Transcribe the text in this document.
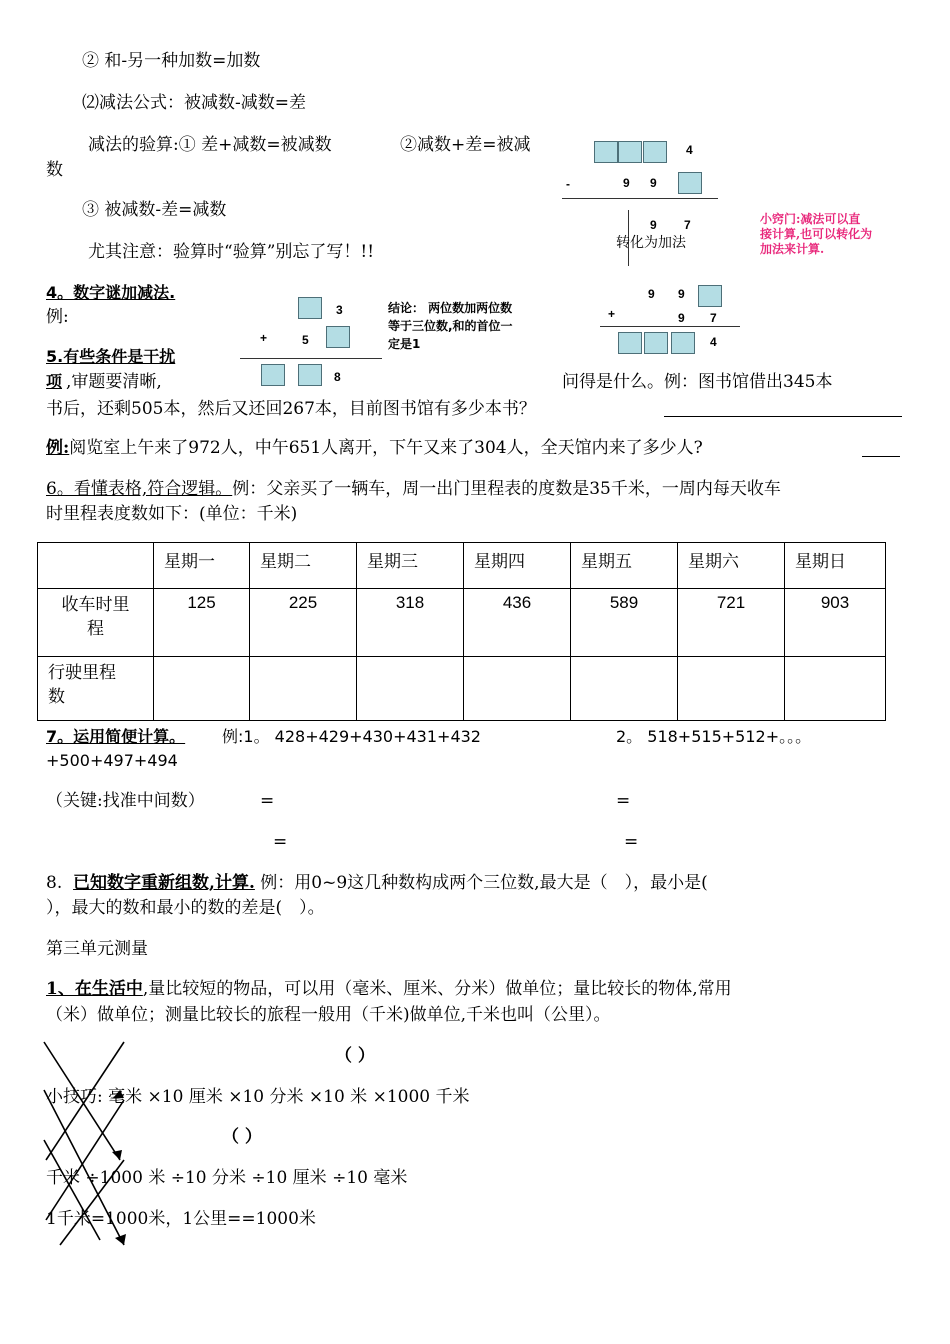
② 和-另一种加数=加数
⑵减法公式：被减数-减数=差
减法的验算:① 差+减数=被减数	②减数+差=被减
数
③ 被减数-差=减数
尤其注意：验算时“验算”别忘了写！!!
4。数字谜加减法.
例:	3
+	5
8
结论： 两位数加两位数
等于三位数,和的首位一
定是1
4
-	9 9
9 7
转化为加法
小窍门:减法可以直
接计算,也可以转化为
加法来计算.
9 9
+	9 7
4
5.有些条件是干扰
项 ,审题要清晰,	问得是什么。例：图书馆借出345本
书后，还剩505本，然后又还回267本，目前图书馆有多少本书？
例:阅览室上午来了972人，中午651人离开，下午又来了304人，全天馆内来了多少人?
6。看懂表格,符合逻辑。例：父亲买了一辆车，周一出门里程表的度数是35千米，一周内每天收车
时里程表度数如下：(单位：千米)
	星期一	星期二	星期三	星期四	星期五	星期六	星期日

收车时里
程	125	225	318	436	589	721	903

行驶里程
数							

7。运用简便计算。 例:1。 428+429+430+431+432	2。 518+515+512+。。。
+500+497+494
（关键:找准中间数）	=	=
=	=
8. 已知数字重新组数,计算. 例：用0~9这几种数构成两个三位数,最大是（　），最小是(
），最大的数和最小的数的差是(　）。
第三单元测量
1、在生活中,量比较短的物品，可以用（毫米、厘米、分米）做单位；量比较长的物体,常用
（米）做单位；测量比较长的旅程一般用（千米)做单位,千米也叫（公里）。
（ ）
小技巧: 毫米 ×10 厘米 ×10 分米 ×10 米 ×1000 千米
（ ）
千米 ÷1000 米 ÷10 分米 ÷10 厘米 ÷10 毫米
1千米=1000米，1公里==1000米
